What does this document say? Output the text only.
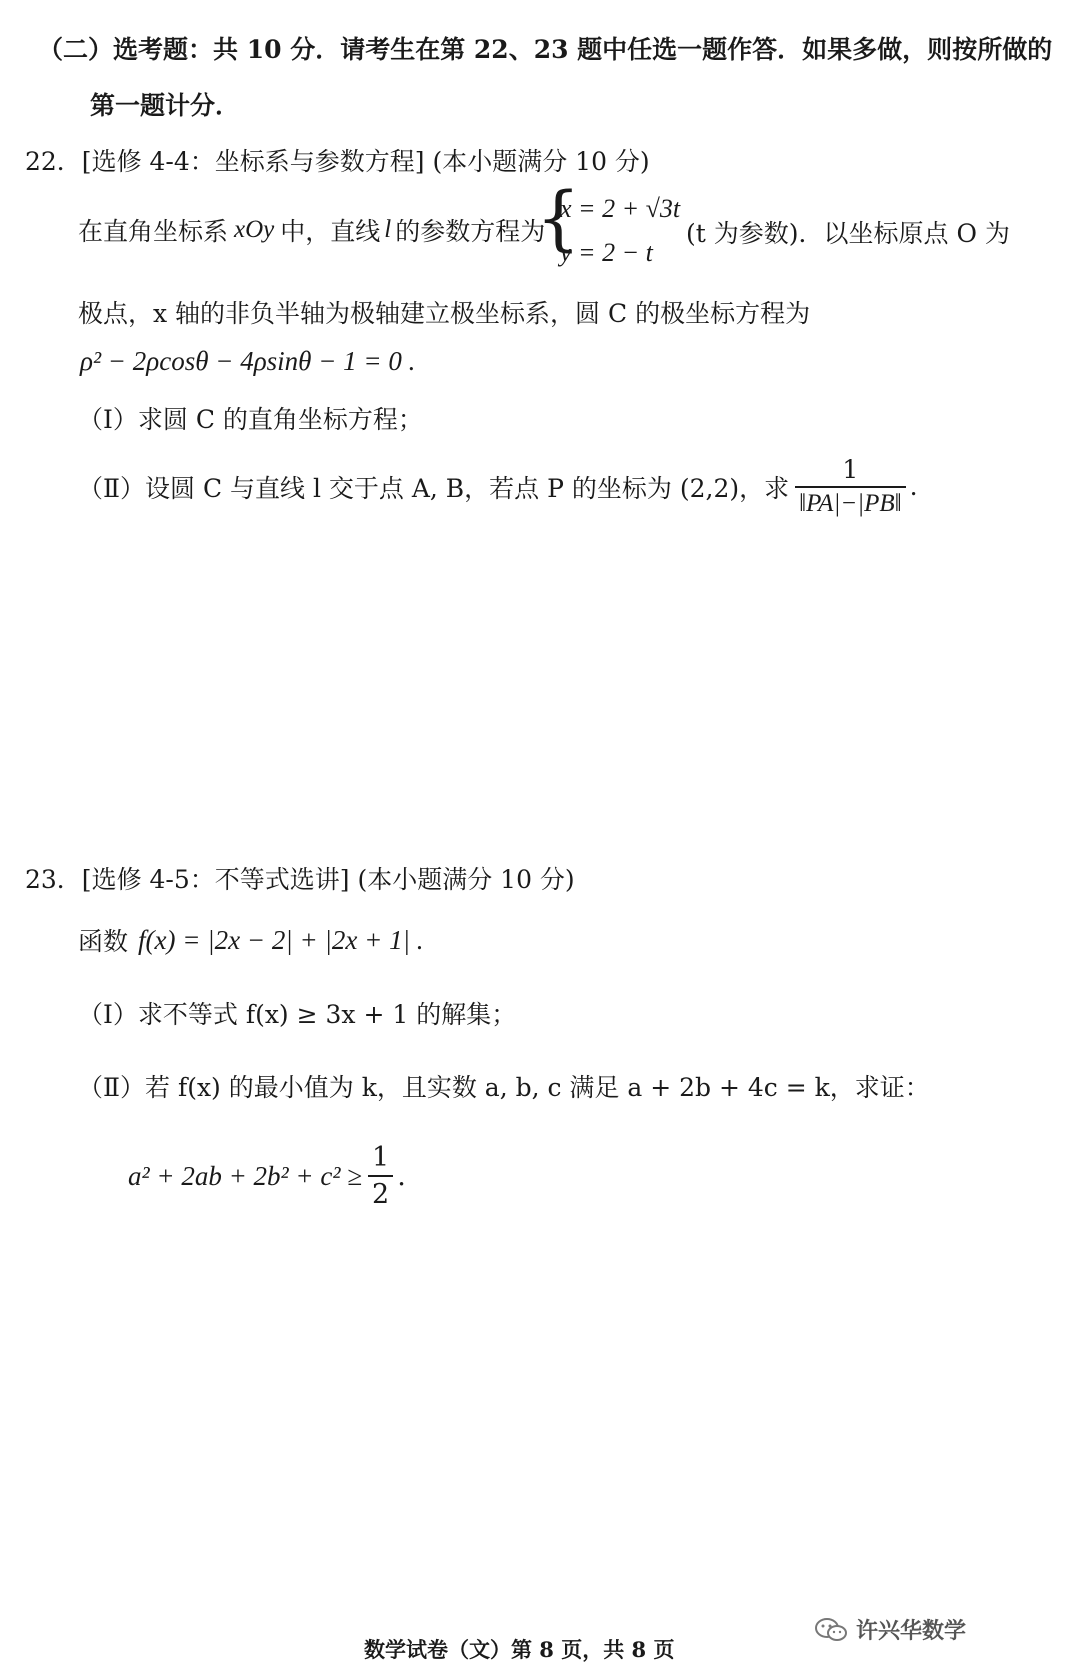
（二）选考题：共 10 分．请考生在第 22、23 题中任选一题作答．如果多做，则按所做的
第一题计分．
22．[选修 4-4：坐标系与参数方程] (本小题满分 10 分)
在直角坐标系 xOy 中，直线 l 的参数方程为
{
x = 2 + √3t
y = 2 − t
(t 为参数)．以坐标原点 O 为
极点，x 轴的非负半轴为极轴建立极坐标系，圆 C 的极坐标方程为
ρ² − 2ρcosθ − 4ρsinθ − 1 = 0 .
（Ⅰ）求圆 C 的直角坐标方程；
（Ⅱ）设圆 C 与直线 l 交于点 A, B，若点 P 的坐标为 (2,2)，求 $\frac{1}{‖PA|-|PB‖}$ .
23．[选修 4-5：不等式选讲] (本小题满分 10 分)
函数 f(x) = |2x − 2| + |2x + 1| .
（Ⅰ）求不等式 f(x) ≥ 3x + 1 的解集；
（Ⅱ）若 f(x) 的最小值为 k，且实数 a, b, c 满足 a + 2b + 4c = k，求证：
$a^2 + 2ab + 2b^2 + c^2 \ge \frac{1}{2}$ .
数学试卷（文）第 8 页，共 8 页
许兴华数学
